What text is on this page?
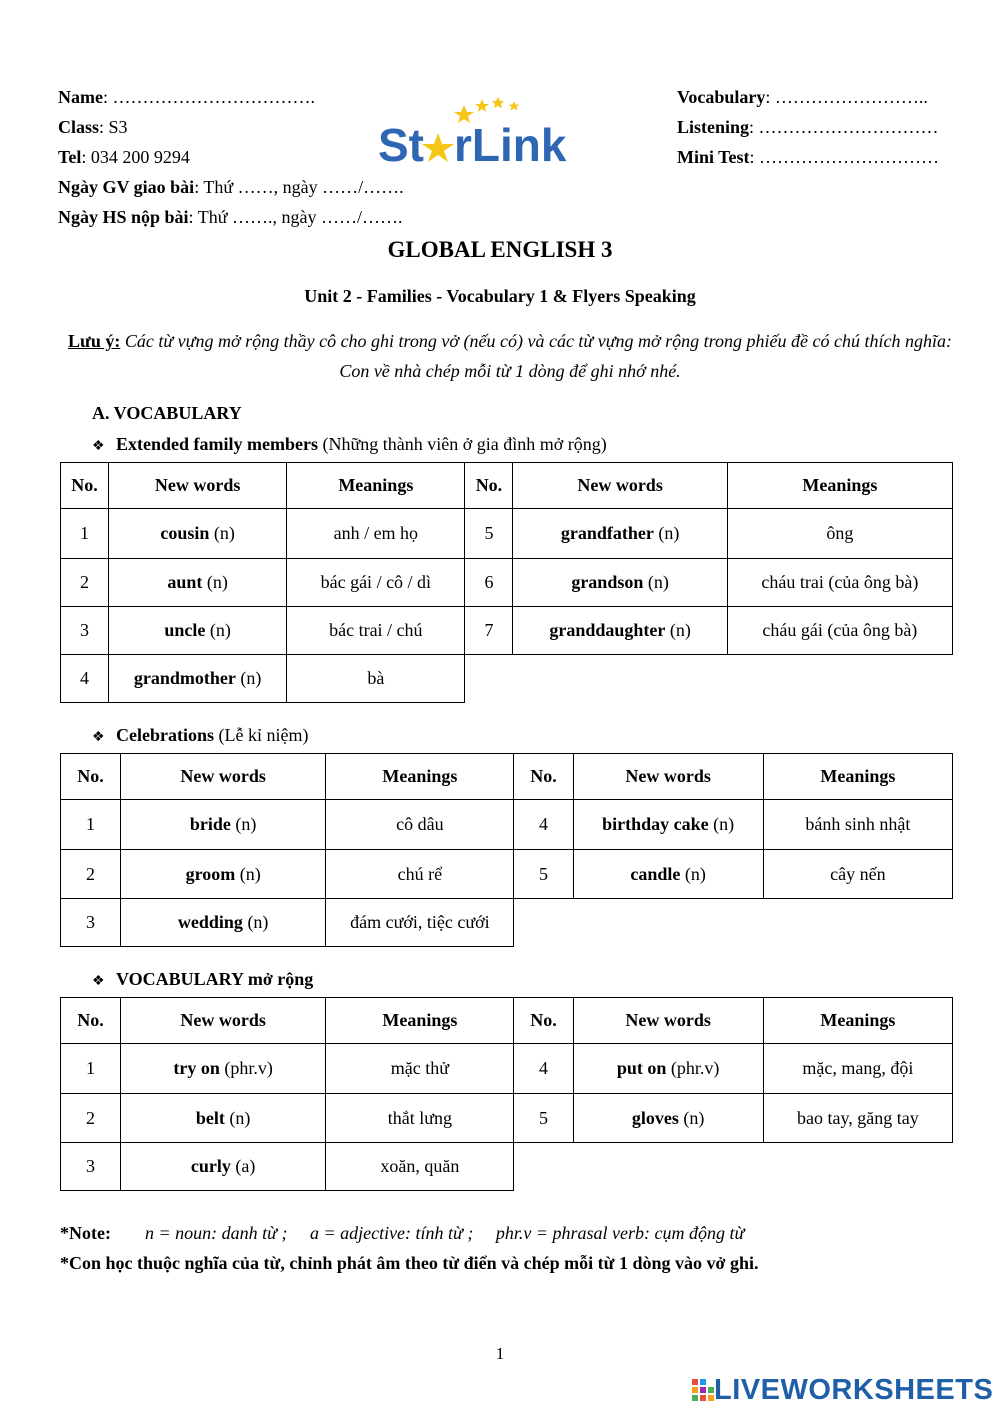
Name: …………………………….
Class: S3
Tel: 034 200 9294
Ngày GV giao bài: Thứ ……, ngày ……/…….
Ngày HS nộp bài: Thứ ……., ngày ……/…….
Vocabulary: ……………………..
Listening: …………………………
Mini Test: …………………………
St rLink
GLOBAL ENGLISH 3
Unit 2 - Families - Vocabulary 1 & Flyers Speaking
Lưu ý: Các từ vựng mở rộng thầy cô cho ghi trong vở (nếu có) và các từ vựng mở rộng trong phiếu đề có chú thích nghĩa: Con về nhà chép mỗi từ 1 dòng để ghi nhớ nhé.
A. VOCABULARY
❖ Extended family members (Những thành viên ở gia đình mở rộng)
No.	New words	Meanings	No.	New words	Meanings
1	cousin (n)	anh / em họ	5	grandfather (n)	ông
2	aunt (n)	bác gái / cô / dì	6	grandson (n)	cháu trai (của ông bà)
3	uncle (n)	bác trai / chú	7	granddaughter (n)	cháu gái (của ông bà)
4	grandmother (n)	bà			
❖ Celebrations (Lễ kỉ niệm)
No.	New words	Meanings	No.	New words	Meanings
1	bride (n)	cô dâu	4	birthday cake (n)	bánh sinh nhật
2	groom (n)	chú rể	5	candle (n)	cây nến
3	wedding (n)	đám cưới, tiệc cưới			
❖ VOCABULARY mở rộng
No.	New words	Meanings	No.	New words	Meanings
1	try on (phr.v)	mặc thử	4	put on (phr.v)	mặc, mang, đội
2	belt (n)	thắt lưng	5	gloves (n)	bao tay, găng tay
3	curly (a)	xoăn, quăn			
*Note: n = noun: danh từ ;     a = adjective: tính từ ;     phr.v = phrasal verb: cụm động từ
*Con học thuộc nghĩa của từ, chỉnh phát âm theo từ điển và chép mỗi từ 1 dòng vào vở ghi.
1
LIVEWORKSHEETS
